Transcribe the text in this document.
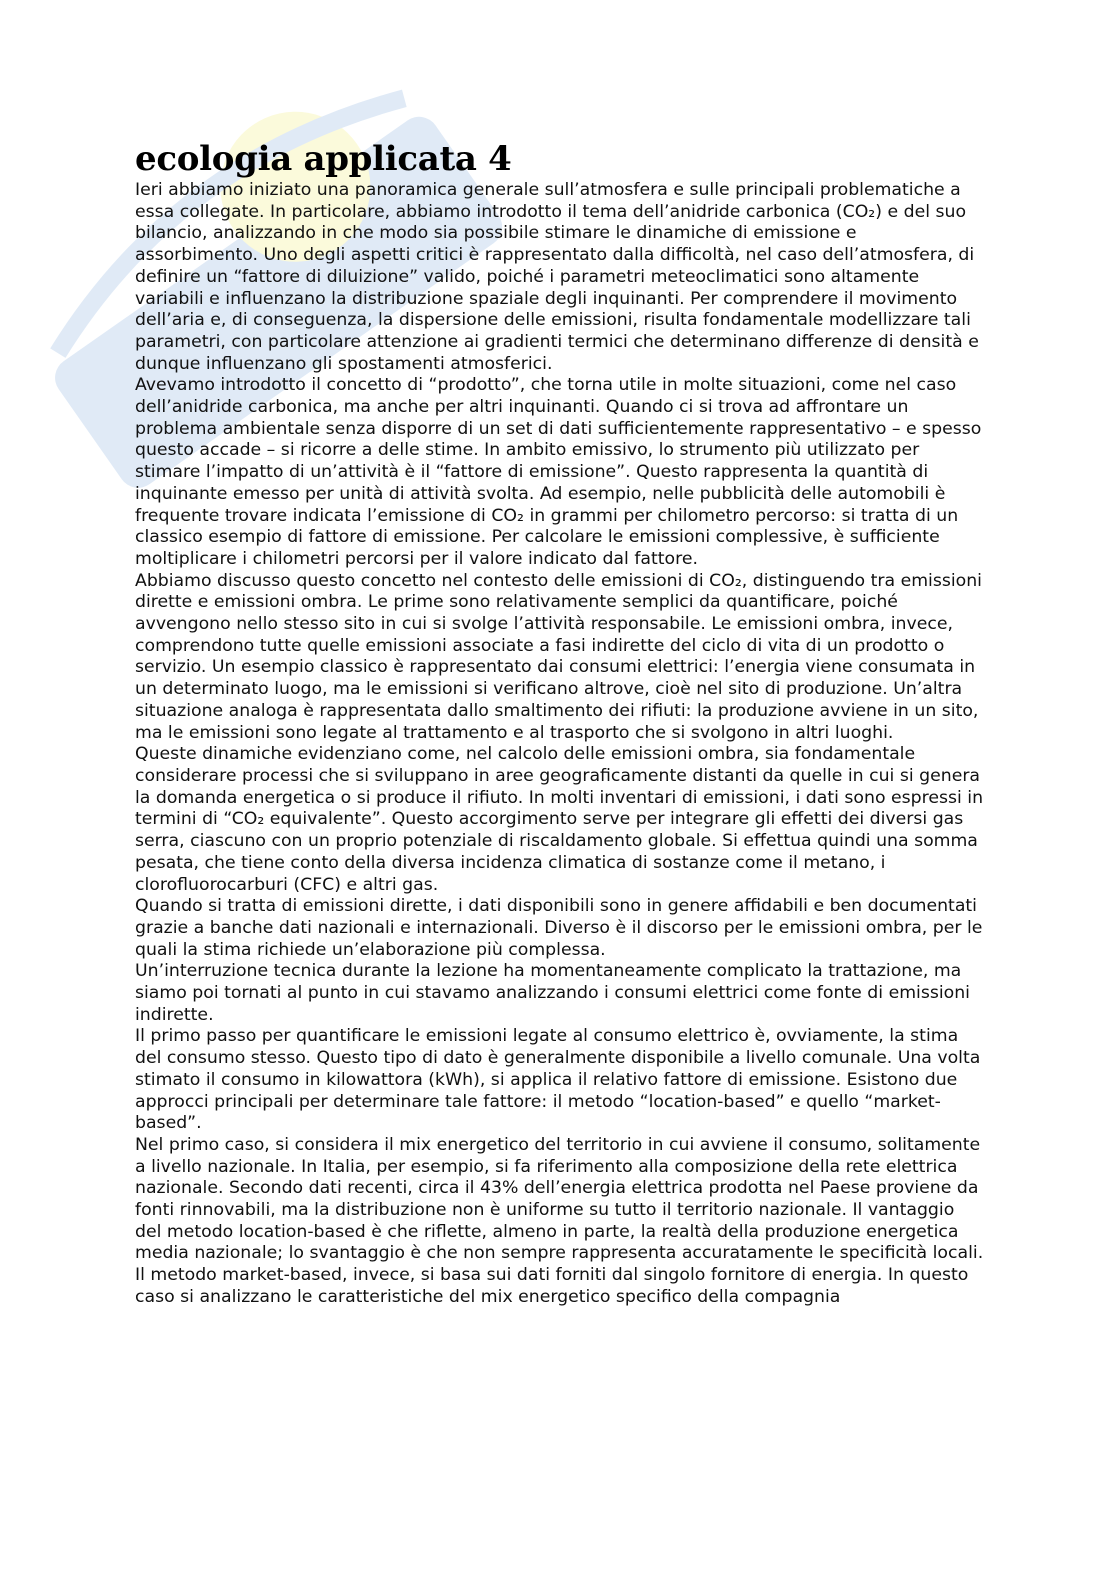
ecologia applicata 4

Ieri abbiamo iniziato una panoramica generale sull’atmosfera e sulle principali problematiche a essa collegate. In particolare, abbiamo introdotto il tema dell’anidride carbonica (CO₂) e del suo bilancio, analizzando in che modo sia possibile stimare le dinamiche di emissione e assorbimento. Uno degli aspetti critici è rappresentato dalla difficoltà, nel caso dell’atmosfera, di definire un “fattore di diluizione” valido, poiché i parametri meteoclimatici sono altamente variabili e influenzano la distribuzione spaziale degli inquinanti. Per comprendere il movimento dell’aria e, di conseguenza, la dispersione delle emissioni, risulta fondamentale modellizzare tali parametri, con particolare attenzione ai gradienti termici che determinano differenze di densità e dunque influenzano gli spostamenti atmosferici.

Avevamo introdotto il concetto di “prodotto”, che torna utile in molte situazioni, come nel caso dell’anidride carbonica, ma anche per altri inquinanti. Quando ci si trova ad affrontare un problema ambientale senza disporre di un set di dati sufficientemente rappresentativo – e spesso questo accade – si ricorre a delle stime. In ambito emissivo, lo strumento più utilizzato per stimare l’impatto di un’attività è il “fattore di emissione”. Questo rappresenta la quantità di inquinante emesso per unità di attività svolta. Ad esempio, nelle pubblicità delle automobili è frequente trovare indicata l’emissione di CO₂ in grammi per chilometro percorso: si tratta di un classico esempio di fattore di emissione. Per calcolare le emissioni complessive, è sufficiente moltiplicare i chilometri percorsi per il valore indicato dal fattore.

Abbiamo discusso questo concetto nel contesto delle emissioni di CO₂, distinguendo tra emissioni dirette e emissioni ombra. Le prime sono relativamente semplici da quantificare, poiché avvengono nello stesso sito in cui si svolge l’attività responsabile. Le emissioni ombra, invece, comprendono tutte quelle emissioni associate a fasi indirette del ciclo di vita di un prodotto o servizio. Un esempio classico è rappresentato dai consumi elettrici: l’energia viene consumata in un determinato luogo, ma le emissioni si verificano altrove, cioè nel sito di produzione. Un’altra situazione analoga è rappresentata dallo smaltimento dei rifiuti: la produzione avviene in un sito, ma le emissioni sono legate al trattamento e al trasporto che si svolgono in altri luoghi.

Queste dinamiche evidenziano come, nel calcolo delle emissioni ombra, sia fondamentale considerare processi che si sviluppano in aree geograficamente distanti da quelle in cui si genera la domanda energetica o si produce il rifiuto. In molti inventari di emissioni, i dati sono espressi in termini di “CO₂ equivalente”. Questo accorgimento serve per integrare gli effetti dei diversi gas serra, ciascuno con un proprio potenziale di riscaldamento globale. Si effettua quindi una somma pesata, che tiene conto della diversa incidenza climatica di sostanze come il metano, i clorofluorocarburi (CFC) e altri gas.

Quando si tratta di emissioni dirette, i dati disponibili sono in genere affidabili e ben documentati grazie a banche dati nazionali e internazionali. Diverso è il discorso per le emissioni ombra, per le quali la stima richiede un’elaborazione più complessa.

Un’interruzione tecnica durante la lezione ha momentaneamente complicato la trattazione, ma siamo poi tornati al punto in cui stavamo analizzando i consumi elettrici come fonte di emissioni indirette.

Il primo passo per quantificare le emissioni legate al consumo elettrico è, ovviamente, la stima del consumo stesso. Questo tipo di dato è generalmente disponibile a livello comunale. Una volta stimato il consumo in kilowattora (kWh), si applica il relativo fattore di emissione. Esistono due approcci principali per determinare tale fattore: il metodo “location-based” e quello “market-based”.

Nel primo caso, si considera il mix energetico del territorio in cui avviene il consumo, solitamente a livello nazionale. In Italia, per esempio, si fa riferimento alla composizione della rete elettrica nazionale. Secondo dati recenti, circa il 43% dell’energia elettrica prodotta nel Paese proviene da fonti rinnovabili, ma la distribuzione non è uniforme su tutto il territorio nazionale. Il vantaggio del metodo location-based è che riflette, almeno in parte, la realtà della produzione energetica media nazionale; lo svantaggio è che non sempre rappresenta accuratamente le specificità locali.

Il metodo market-based, invece, si basa sui dati forniti dal singolo fornitore di energia. In questo caso si analizzano le caratteristiche del mix energetico specifico della compagnia
